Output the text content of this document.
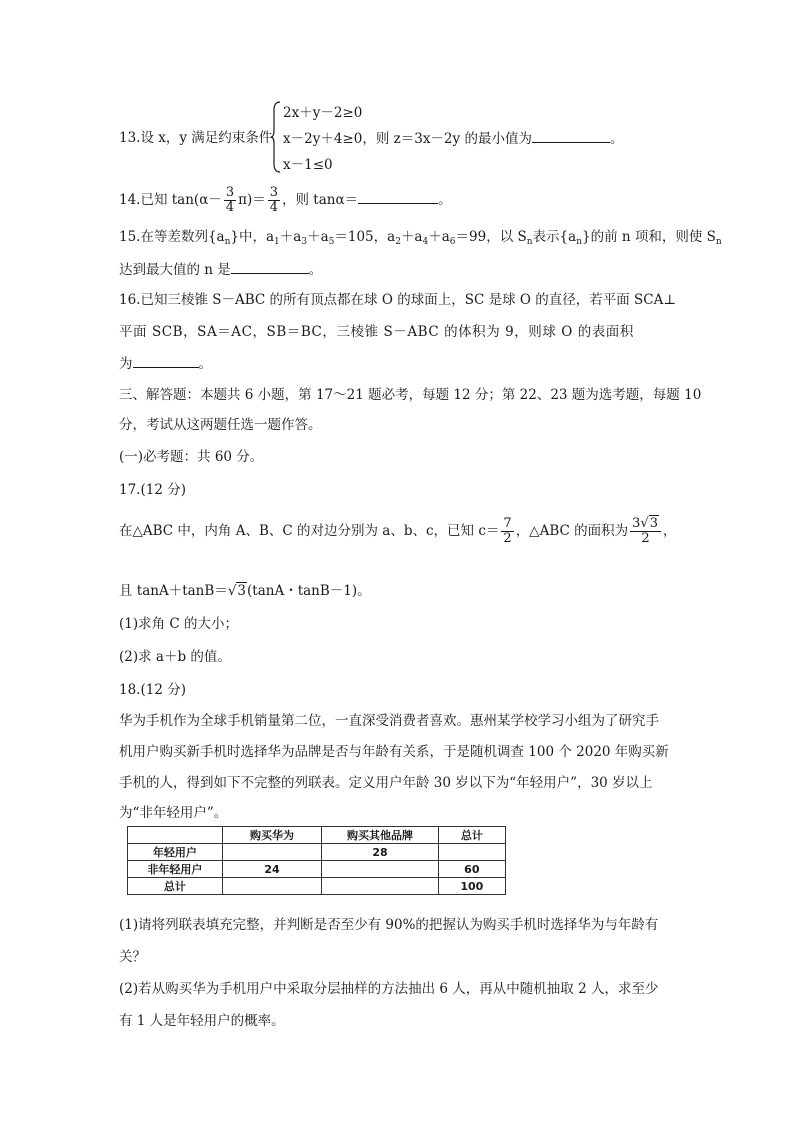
13.设 x，y 满足约束条件
2x＋y－2≥0
x－2y＋4≥0，则 z＝3x－2y 的最小值为	。
x－1≤0
14.已知 $\tan(\alpha- \frac{3}{4} \pi)= \frac{3}{4}$ ，则 tanα＝	。
15.在等差数列$\{a_n\}$中，$a_1+a_3+a_5=105$，$a_2+a_4+a_6=99$，以 $S_n$表示$\{a_n\}$的前 n 项和，则使 $S_n$
达到最大值的 n 是	。
16.已知三棱锥 S－ABC 的所有顶点都在球 O 的球面上，SC 是球 O 的直径，若平面 SCA⊥
平面 SCB，SA＝AC，SB＝BC，三棱锥 S－ABC 的体积为 9，则球 O 的表面积
为	。
三、解答题：本题共 6 小题，第 17～21 题必考，每题 12 分；第 22、23 题为选考题，每题 10
分，考试从这两题任选一题作答。
(一)必考题：共 60 分。
17.(12 分)
在△ABC 中，内角 A、B、C 的对边分别为 a、b、c，已知 $c= \frac{7}{2}$ ，△ABC 的面积为 $\frac{3√3}{2}$ ，
且 tanA＋tanB＝√3(tanA・tanB－1)。
(1)求角 C 的大小；
(2)求 a＋b 的值。
18.(12 分)
华为手机作为全球手机销量第二位，一直深受消费者喜欢。惠州某学校学习小组为了研究手
机用户购买新手机时选择华为品牌是否与年龄有关系，于是随机调查 100 个 2020 年购买新
手机的人，得到如下不完整的列联表。定义用户年龄 30 岁以下为“年轻用户”，30 岁以上
为“非年轻用户”。
	购买华为	购买其他品牌	总计
年轻用户		28	
非年轻用户	24		60
总计			100
(1)请将列联表填充完整，并判断是否至少有 90%的把握认为购买手机时选择华为与年龄有
关？
(2)若从购买华为手机用户中采取分层抽样的方法抽出 6 人，再从中随机抽取 2 人，求至少
有 1 人是年轻用户的概率。
